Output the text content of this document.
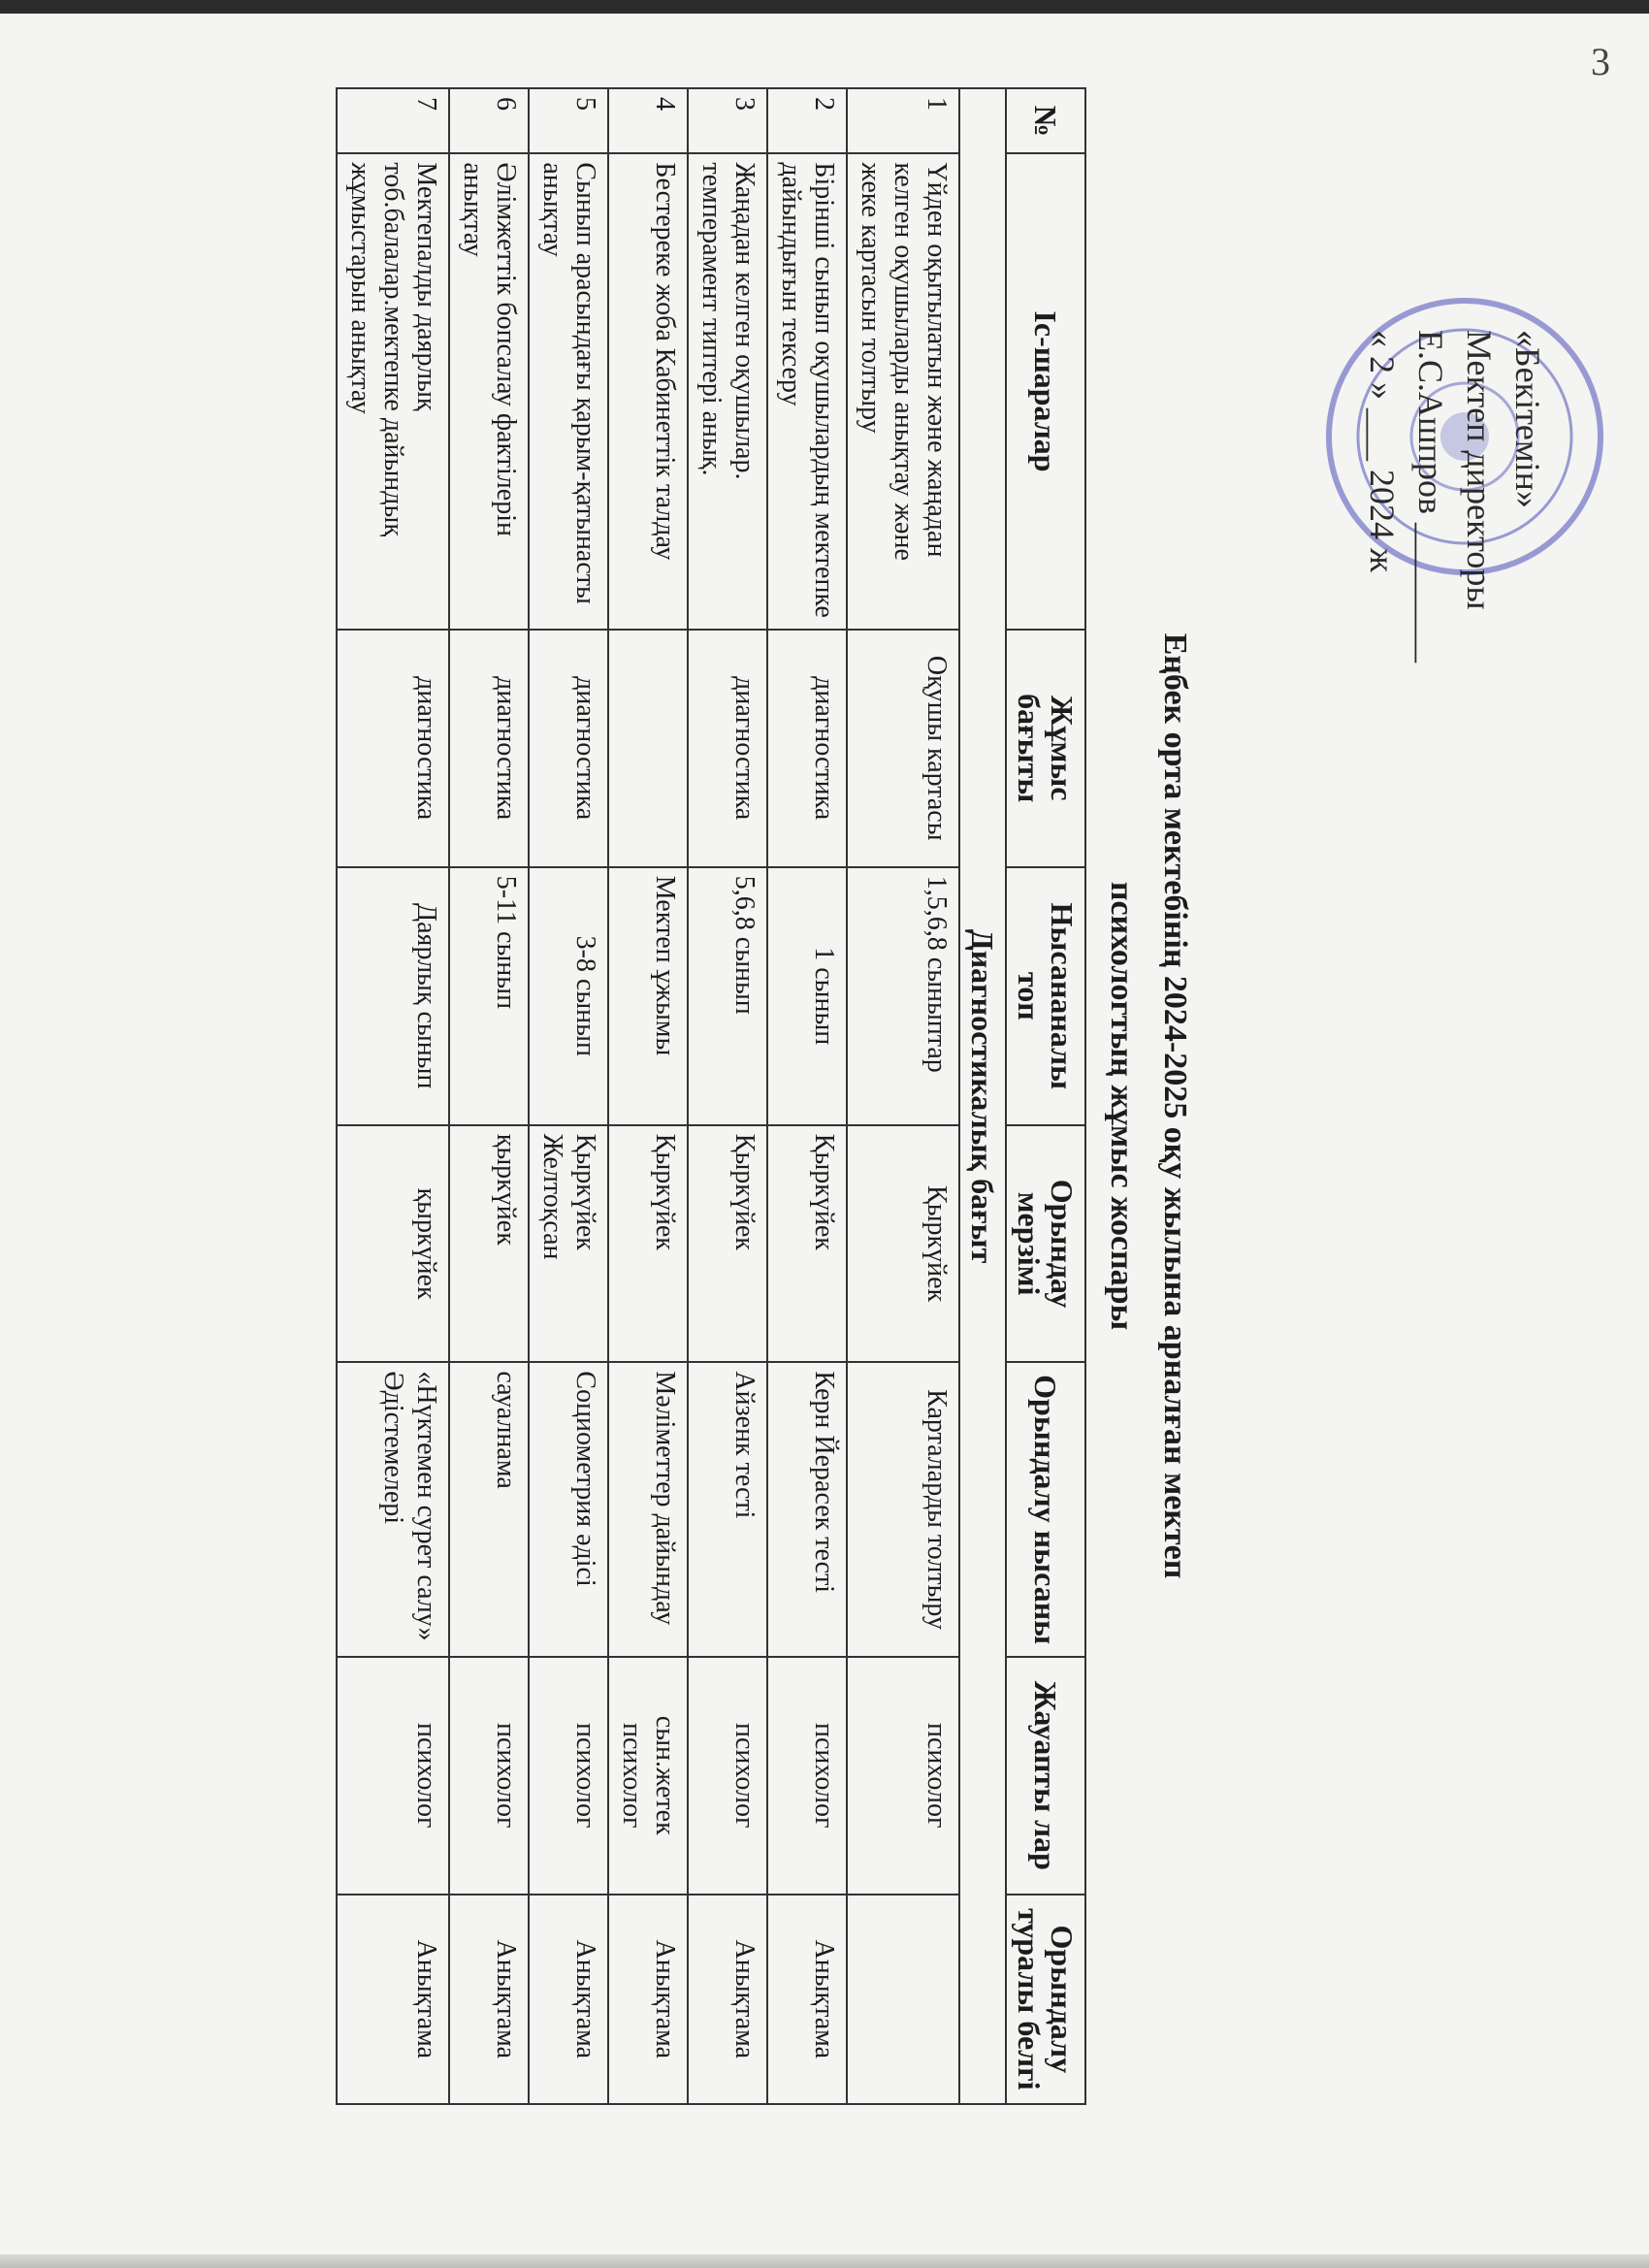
3
«Бекітемін»
Мектеп директоры
Е.С.Ашпров ________
« 2 » ___ 2024 ж
Еңбек орта мектебінің 2024-2025 оқу жылына арналған мектеп
психологтың жұмыс жоспары
№	Іс-шаралар	Жұмыс бағыты	Нысананалы топ	Орындау мерзімі	Орындалу нысаны	Жауапты лар	Орындалу туралы белгі
Диагностикалық бағыт							
1	Үйден оқытылатын және жаңадан келген оқушыларды анықтау және жеке картасын толтыру	Оқушы картасы	1,5,6,8 сыныптар	Қыркүйек	Карталарды толтыру	психолог	
2	Бірінші сынып оқушылардың мектепке дайындығын тексеру	диагностика	1 сынып	Қыркүйек	Керн Йерасек тесті	психолог	Анықтама
3	Жаңадан келген оқушылар. темперамент типтері анық.	диагностика	5,6,8 сынып	Қыркүйек	Айзенк тесті	психолог	Анықтама
4	Бестереке жоба Кабинеттік талдау		Мектеп ұжымы	Қыркүйек	Мәліметтер дайындау	сын.жетек психолог	Анықтама
5	Сынып арасындағы қарым-қатынасты анықтау	диагностика	3-8 сынып	Қыркүйек Желтоқсан	Социометрия әдісі	психолог	Анықтама
6	Әлімжеттік бопсалау фактілерін анықтау	диагностика	5-11 сынып	қыркүйек	сауалнама	психолог	Анықтама
7	Мектепалды даярлық тоб.балалар.мектепке дайындық жұмыстарын анықтау	диагностика	Даярлық сынып	қыркүйек	«Нүктемен сурет салу» Әдістемелері	психолог	Анықтама
